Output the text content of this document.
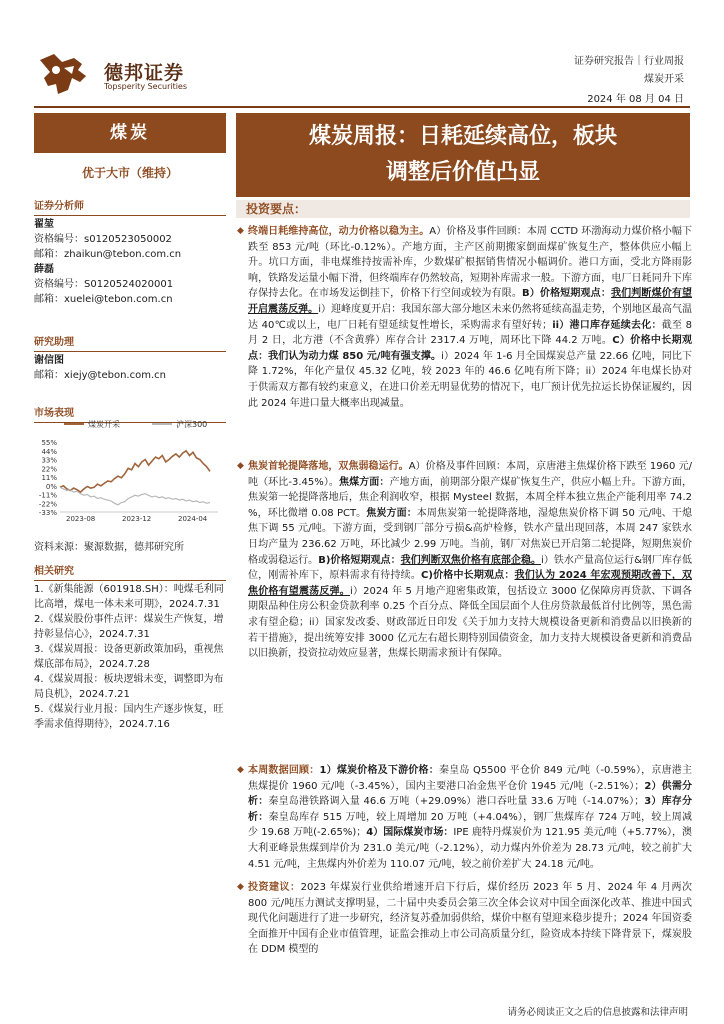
德邦证券
Topsperity Securities
证券研究报告｜行业周报
煤炭开采
2024 年 08 月 04 日
煤炭
优于大市（维持）
证券分析师
翟堃
资格编号：s0120523050002
邮箱：zhaikun@tebon.com.cn
薛磊
资格编号：S0120524020001
邮箱：xuelei@tebon.com.cn
研究助理
谢信图
邮箱：xiejy@tebon.com.cn
市场表现
煤炭开采	沪深300
55%
44%
33%
22%
11%
0%
-11%
-22%
-33%
2023-08	2023-12	2024-04
资料来源：聚源数据，德邦研究所
相关研究
1.《新集能源（601918.SH）：吨煤毛利同比高增，煤电一体未来可期》，2024.7.31
2.《煤炭股份事件点评：煤炭生产恢复，增持彰显信心》，2024.7.31
3.《煤炭周报：设备更新政策加码，重视焦煤底部布局》，2024.7.28
4.《煤炭周报：板块逻辑未变，调整即为布局良机》，2024.7.21
5.《煤炭行业月报：国内生产逐步恢复，旺季需求值得期待》，2024.7.16
煤炭周报：日耗延续高位，板块
调整后价值凸显
投资要点：
◆ 终端日耗维持高位，动力价格以稳为主。A）价格及事件回顾：本周 CCTD 环渤海动力煤价格小幅下跌至 853 元/吨（环比-0.12%）。产地方面，主产区前期搬家倒面煤矿恢复生产，整体供应小幅上升。坑口方面，非电煤维持按需补库，少数煤矿根据销售情况小幅调价。港口方面，受北方降雨影响，铁路发运量小幅下滑，但终端库存仍然较高，短期补库需求一般。下游方面，电厂日耗同升下库存保持去化。在市场发运倒挂下，价格下行空间或较为有限。B）价格短期观点：我们判断煤价有望开启震荡反弹。i）迎峰度夏开启：我国东部大部分地区未来仍然将延续高温走势，个别地区最高气温达 40℃或以上，电厂日耗有望延续复性增长，采购需求有望好转；ii）港口库存延续去化：截至 8 月 2 日，北方港（不含黄骅）库存合计 2317.4 万吨，周环比下降 44.2 万吨。C）价格中长期观点：我们认为动力煤 850 元/吨有强支撑。i）2024 年 1-6 月全国煤炭总产量 22.66 亿吨，同比下降 1.72%，年化产量仅 45.32 亿吨，较 2023 年的 46.6 亿吨有所下降；ii）2024 年电煤长协对于供需双方都有较约束意义，在进口价差无明显优势的情况下，电厂预计优先拉运长协保证履约，因此 2024 年进口量大概率出现减量。
◆ 焦炭首轮提降落地，双焦弱稳运行。A）价格及事件回顾：本周，京唐港主焦煤价格下跌至 1960 元/吨（环比-3.45%）。焦煤方面：产地方面，前期部分限产煤矿恢复生产，供应小幅上升。下游方面，焦炭第一轮提降落地后，焦企利润收窄，根据 Mysteel 数据，本周全样本独立焦企产能利用率 74.2 %，环比微增 0.08 PCT。焦炭方面：本周焦炭第一轮提降落地，湿熄焦炭价格下调 50 元/吨、干熄焦下调 55 元/吨。下游方面，受到钢厂部分亏损&高炉检修，铁水产量出现回落，本周 247 家铁水日均产量为 236.62 万吨，环比减少 2.99 万吨。当前，钢厂对焦炭已开启第二轮提降，短期焦炭价格或弱稳运行。B)价格短期观点：我们判断双焦价格有底部企稳。i）铁水产量高位运行&钢厂库存低位，刚需补库下，原料需求有待持续。C)价格中长期观点：我们认为 2024 年宏观预期改善下，双焦价格有望震荡反弹。i）2024 年 5 月地产迎密集政策，包括设立 3000 亿保障房再贷款、下调各期限品种住房公积金贷款利率 0.25 个百分点、降低全国层面个人住房贷款最低首付比例等，黑色需求有望企稳；ii）国家发改委、财政部近日印发《关于加力支持大规模设备更新和消费品以旧换新的若干措施》，提出统筹安排 3000 亿元左右超长期特别国债资金，加力支持大规模设备更新和消费品以旧换新，投资拉动效应显著，焦煤长期需求预计有保障。
◆ 本周数据回顾：1）煤炭价格及下游价格：秦皇岛 Q5500 平仓价 849 元/吨（-0.59%），京唐港主焦煤提价 1960 元/吨（-3.45%），国内主要港口冶金焦平仓价 1945 元/吨（-2.51%）；2）供需分析：秦皇岛港铁路调入量 46.6 万吨（+29.09%）港口吞吐量 33.6 万吨（-14.07%）；3）库存分析：秦皇岛库存 515 万吨，较上周增加 20 万吨（+4.04%），钢厂焦煤库存 724 万吨，较上周减少 19.68 万吨(-2.65%)；4）国际煤炭市场：IPE 鹿特丹煤炭价为 121.95 美元/吨（+5.77%），澳大利亚峰景焦煤到岸价为 231.0 美元/吨（-2.12%），动力煤内外价差为 28.73 元/吨，较之前扩大 4.51 元/吨，主焦煤内外价差为 110.07 元/吨，较之前价差扩大 24.18 元/吨。
◆ 投资建议：2023 年煤炭行业供给增速开启下行后，煤价经历 2023 年 5 月、2024 年 4 月两次 800 元/吨压力测试支撑明显，二十届中央委员会第三次全体会议对中国全面深化改革、推进中国式现代化问题进行了进一步研究，经济复苏叠加弱供给，煤价中枢有望迎来稳步提升；2024 年国资委全面推开中国有企业市值管理，证监会推动上市公司高质量分红，险资成本持续下降背景下，煤炭股在 DDM 模型的
请务必阅读正文之后的信息披露和法律声明
